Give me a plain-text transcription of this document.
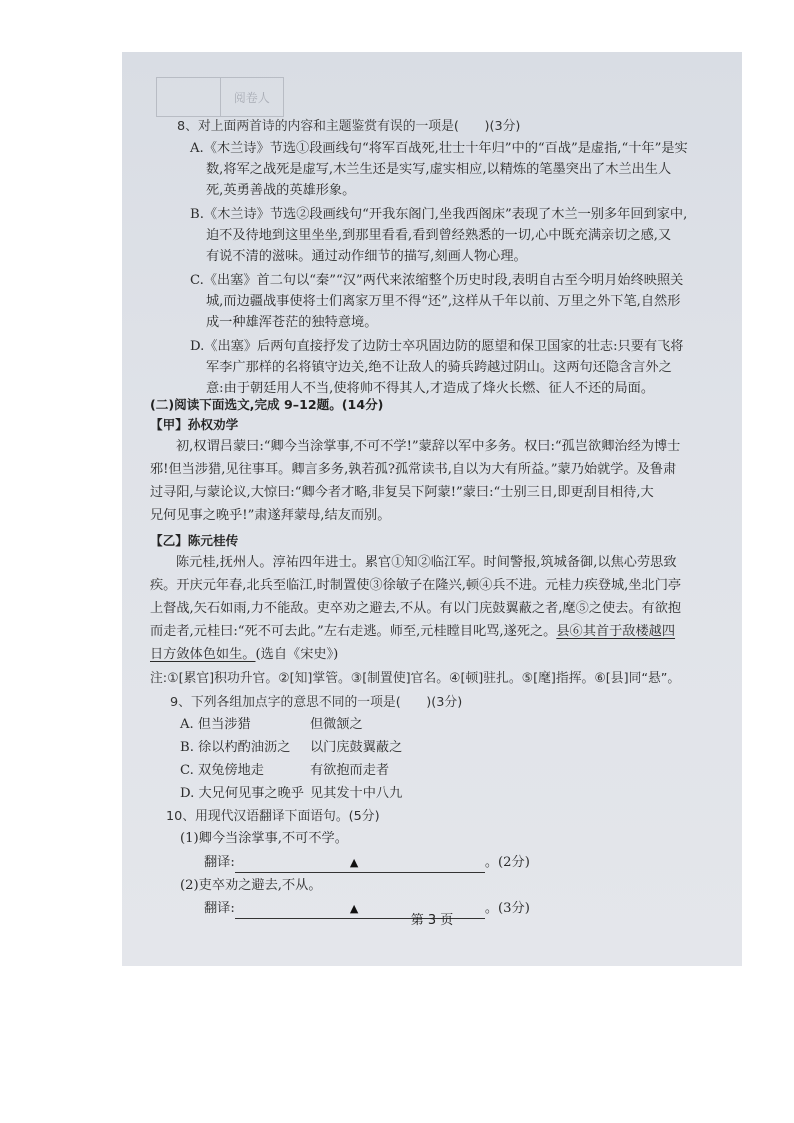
阅卷人
8、对上面两首诗的内容和主题鉴赏有误的一项是(　　)(3分)
A.《木兰诗》节选①段画线句“将军百战死,壮士十年归”中的“百战”是虚指,“十年”是实
数,将军之战死是虚写,木兰生还是实写,虚实相应,以精炼的笔墨突出了木兰出生人
死,英勇善战的英雄形象。
B.《木兰诗》节选②段画线句“开我东阁门,坐我西阁床”表现了木兰一别多年回到家中,
迫不及待地到这里坐坐,到那里看看,看到曾经熟悉的一切,心中既充满亲切之感,又
有说不清的滋味。通过动作细节的描写,刻画人物心理。
C.《出塞》首二句以“秦”“汉”两代来浓缩整个历史时段,表明自古至今明月始终映照关
城,而边疆战事使将士们离家万里不得“还”,这样从千年以前、万里之外下笔,自然形
成一种雄浑苍茫的独特意境。
D.《出塞》后两句直接抒发了边防士卒巩固边防的愿望和保卫国家的壮志:只要有飞将
军李广那样的名将镇守边关,绝不让敌人的骑兵跨越过阴山。这两句还隐含言外之
意:由于朝廷用人不当,使将帅不得其人,才造成了烽火长燃、征人不还的局面。
(二)阅读下面选文,完成 9–12题。(14分)
【甲】孙权劝学
初,权谓吕蒙曰:“卿今当涂掌事,不可不学!”蒙辞以军中多务。权曰:“孤岂欲卿治经为博士
邪!但当涉猎,见往事耳。卿言多务,孰若孤?孤常读书,自以为大有所益。”蒙乃始就学。及鲁肃
过寻阳,与蒙论议,大惊曰:“卿今者才略,非复吴下阿蒙!”蒙曰:“士别三日,即更刮目相待,大
兄何见事之晚乎!”肃遂拜蒙母,结友而别。
【乙】陈元桂传
陈元桂,抚州人。淳祐四年进士。累官①知②临江军。时间警报,筑城备御,以焦心劳思致
疾。开庆元年春,北兵至临江,时制置使③徐敏子在隆兴,顿④兵不进。元桂力疾登城,坐北门亭
上督战,矢石如雨,力不能敌。吏卒劝之避去,不从。有以门庑鼓翼蔽之者,麾⑤之使去。有欲抱
而走者,元桂曰:“死不可去此。”左右走逃。师至,元桂瞠目叱骂,遂死之。县⑥其首于敌楼越四
日方敛体色如生。(选自《宋史》)
注:①[累官]积功升官。②[知]掌管。③[制置使]官名。④[顿]驻扎。⑤[麾]指挥。⑥[县]同“悬”。
9、下列各组加点字的意思不同的一项是(　　)(3分)
A. 但当涉猎	但微颔之
B. 徐以杓酌油沥之 以门庑鼓翼蔽之
C. 双兔傍地走	有欲抱而走者
D. 大兄何见事之晚乎 见其发十中八九
10、用现代汉语翻译下面语句。(5分)
(1)卿今当涂掌事,不可不学。
翻译:	▲	。(2分)
(2)吏卒劝之避去,不从。
翻译:	▲	。(3分)
第 3 页
